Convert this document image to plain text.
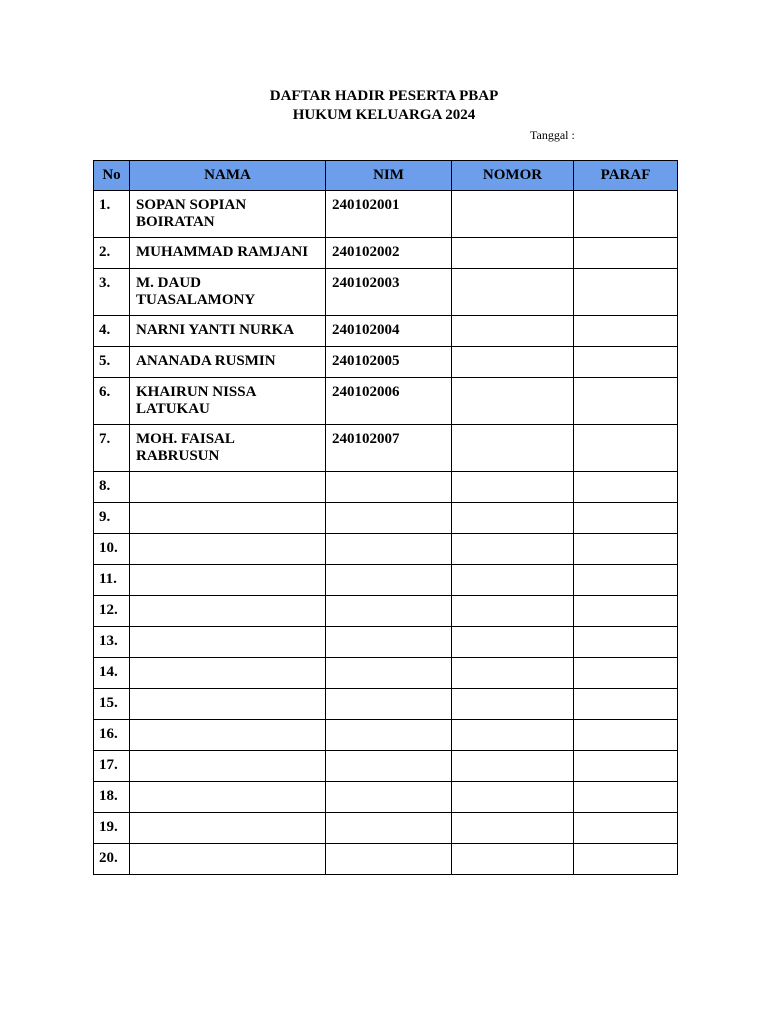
DAFTAR HADIR PESERTA PBAP
HUKUM KELUARGA 2024
Tanggal :
No	NAMA	NIM	NOMOR	PARAF
1.	SOPAN SOPIAN BOIRATAN	240102001		
2.	MUHAMMAD RAMJANI	240102002		
3.	M. DAUD TUASALAMONY	240102003		
4.	NARNI YANTI NURKA	240102004		
5.	ANANADA RUSMIN	240102005		
6.	KHAIRUN NISSA LATUKAU	240102006		
7.	MOH. FAISAL RABRUSUN	240102007		
8.				
9.				
10.				
11.				
12.				
13.				
14.				
15.				
16.				
17.				
18.				
19.				
20.				
